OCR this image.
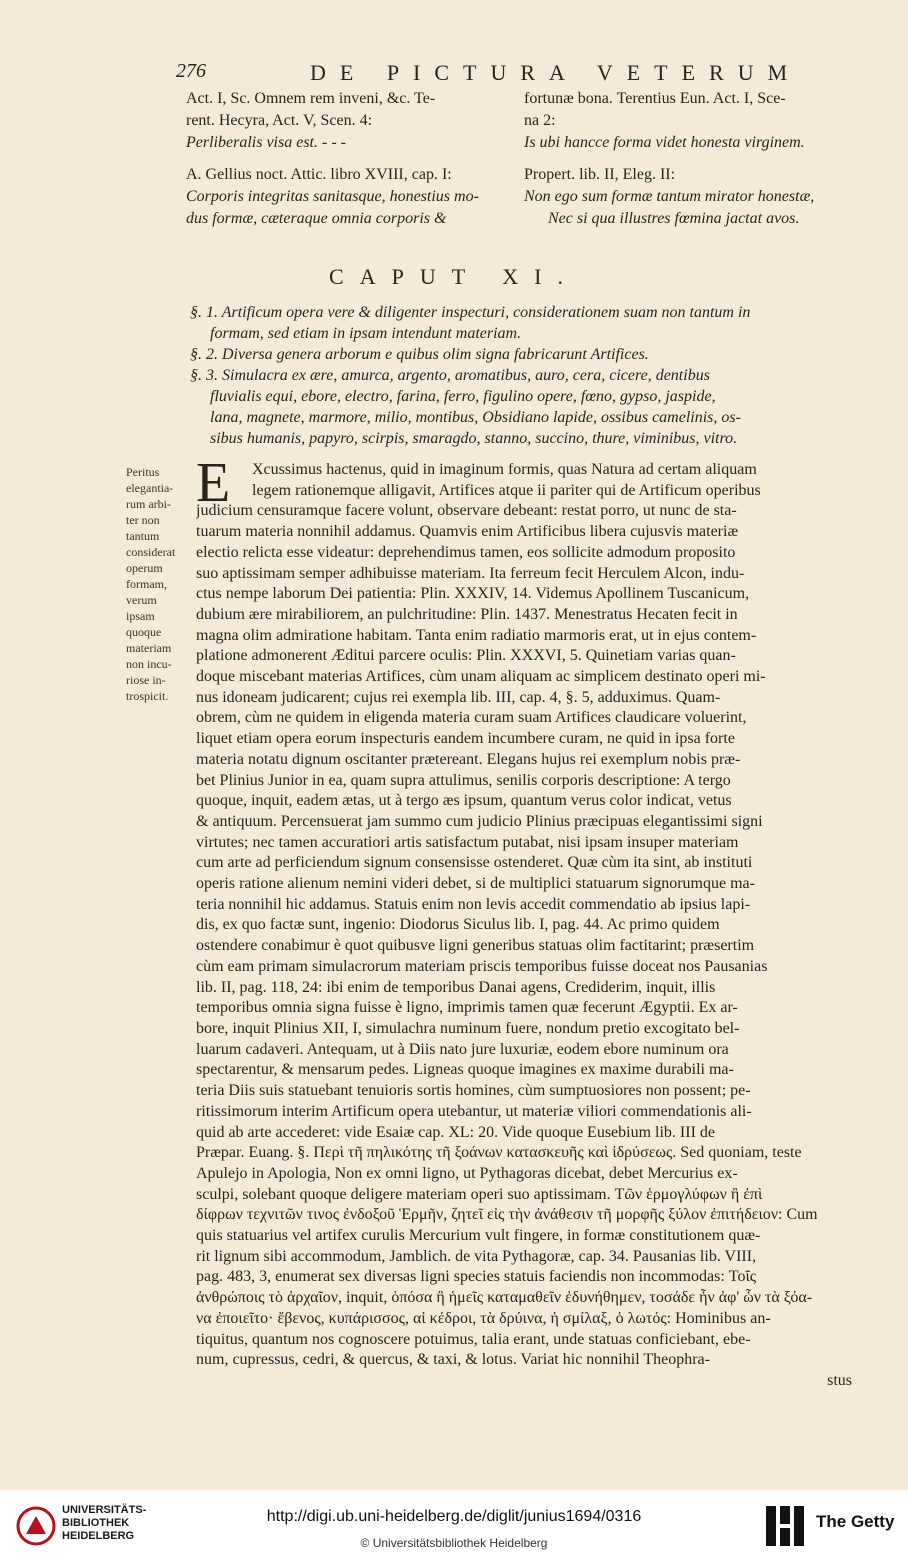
276	DE PICTURA VETERUM
Act. I, Sc. Omnem rem inveni, &c. Te-
rent. Hecyra, Act. V, Scen. 4:
Perliberalis visa est. - - -
A. Gellius noct. Attic. libro XVIII, cap. I:
Corporis integritas sanitasque, honestius mo-
dus formæ, cæteraque omnia corporis &
fortunæ bona. Terentius Eun. Act. I, Sce-
na 2:
Is ubi hancce forma videt honesta virginem.
Propert. lib. II, Eleg. II:
Non ego sum formæ tantum mirator honestæ,
Nec si qua illustres fœmina jactat avos.
CAPUT XI.
§. 1. Artificum opera vere & diligenter inspecturi, considerationem suam non tantum in
formam, sed etiam in ipsam intendunt materiam.
§. 2. Diversa genera arborum e quibus olim signa fabricarunt Artifices.
§. 3. Simulacra ex ære, amurca, argento, aromatibus, auro, cera, cicere, dentibus
fluvialis equi, ebore, electro, farina, ferro, figulino opere, fœno, gypso, jaspide,
lana, magnete, marmore, milio, montibus, Obsidiano lapide, ossibus camelinis, os-
sibus humanis, papyro, scirpis, smaragdo, stanno, succino, thure, viminibus, vitro.
Peritus
elegantia-
rum arbi-
ter non
tantum
considerat
operum
formam,
verum
ipsam
quoque
materiam
non incu-
riose in-
trospicit.
E	Xcussimus hactenus, quid in imaginum formis, quas Natura ad certam aliquam
legem rationemque alligavit, Artifices atque ii pariter qui de Artificum operibus
judicium censuramque facere volunt, observare debeant: restat porro, ut nunc de sta-
tuarum materia nonnihil addamus. Quamvis enim Artificibus libera cujusvis materiæ
electio relicta esse videatur: deprehendimus tamen, eos sollicite admodum proposito
suo aptissimam semper adhibuisse materiam. Ita ferreum fecit Herculem Alcon, indu-
ctus nempe laborum Dei patientia: Plin. XXXIV, 14. Videmus Apollinem Tuscanicum,
dubium ære mirabiliorem, an pulchritudine: Plin. 1437. Menestratus Hecaten fecit in
magna olim admiratione habitam. Tanta enim radiatio marmoris erat, ut in ejus contem-
platione admonerent Æditui parcere oculis: Plin. XXXVI, 5. Quinetiam varias quan-
doque miscebant materias Artifices, cùm unam aliquam ac simplicem destinato operi mi-
nus idoneam judicarent; cujus rei exempla lib. III, cap. 4, §. 5, adduximus. Quam-
obrem, cùm ne quidem in eligenda materia curam suam Artifices claudicare voluerint,
liquet etiam opera eorum inspecturis eandem incumbere curam, ne quid in ipsa forte
materia notatu dignum oscitanter prætereant. Elegans hujus rei exemplum nobis præ-
bet Plinius Junior in ea, quam supra attulimus, senilis corporis descriptione: A tergo
quoque, inquit, eadem ætas, ut à tergo æs ipsum, quantum verus color indicat, vetus
& antiquum. Percensuerat jam summo cum judicio Plinius præcipuas elegantissimi signi
virtutes; nec tamen accuratiori artis satisfactum putabat, nisi ipsam insuper materiam
cum arte ad perficiendum signum consensisse ostenderet. Quæ cùm ita sint, ab instituti
operis ratione alienum nemini videri debet, si de multiplici statuarum signorumque ma-
teria nonnihil hic addamus. Statuis enim non levis accedit commendatio ab ipsius lapi-
dis, ex quo factæ sunt, ingenio: Diodorus Siculus lib. I, pag. 44. Ac primo quidem
ostendere conabimur è quot quibusve ligni generibus statuas olim factitarint; præsertim
cùm eam primam simulacrorum materiam priscis temporibus fuisse doceat nos Pausanias
lib. II, pag. 118, 24: ibi enim de temporibus Danai agens, Crediderim, inquit, illis
temporibus omnia signa fuisse è ligno, imprimis tamen quæ fecerunt Ægyptii. Ex ar-
bore, inquit Plinius XII, I, simulachra numinum fuere, nondum pretio excogitato bel-
luarum cadaveri. Antequam, ut à Diis nato jure luxuriæ, eodem ebore numinum ora
spectarentur, & mensarum pedes. Ligneas quoque imagines ex maxime durabili ma-
teria Diis suis statuebant tenuioris sortis homines, cùm sumptuosiores non possent; pe-
ritissimorum interim Artificum opera utebantur, ut materiæ viliori commendationis ali-
quid ab arte accederet: vide Esaiæ cap. XL: 20. Vide quoque Eusebium lib. III de
Præpar. Euang. §. Περὶ τῆ πηλικότης τῆ ξοάνων κατασκευῆς καὶ ἱδρύσεως. Sed quoniam, teste
Apulejo in Apologia, Non ex omni ligno, ut Pythagoras dicebat, debet Mercurius ex-
sculpi, solebant quoque deligere materiam operi suo aptissimam. Τῶν ἑρμογλύφων ἢ ἐπὶ
δίφρων τεχνιτῶν τινος ἐνδοξοῦ Ἑρμῆν, ζητεῖ εἰς τὴν ἀνάθεσιν τῆ μορφῆς ξύλον ἐπιτήδειον: Cum
quis statuarius vel artifex curulis Mercurium vult fingere, in formæ constitutionem quæ-
rit lignum sibi accommodum, Jamblich. de vita Pythagoræ, cap. 34. Pausanias lib. VIII,
pag. 483, 3, enumerat sex diversas ligni species statuis faciendis non incommodas: Τοῖς
ἀνθρώποις τὸ ἀρχαῖον, inquit, ὁπόσα ἢ ἡμεῖς καταμαθεῖν ἐδυνήθημεν, τοσάδε ἦν ἀφ' ὧν τὰ ξόα-
να ἐποιεῖτο· ἔβενος, κυπάρισσος, αἱ κέδροι, τὰ δρύινα, ἡ σμίλαξ, ὁ λωτός: Hominibus an-
tiquitus, quantum nos cognoscere potuimus, talia erant, unde statuas conficiebant, ebe-
num, cupressus, cedri, & quercus, & taxi, & lotus. Variat hic nonnihil Theophra-
stus
UNIVERSITÄTS-
BIBLIOTHEK
HEIDELBERG
http://digi.ub.uni-heidelberg.de/diglit/junius1694/0316
© Universitätsbibliothek Heidelberg
The Getty
